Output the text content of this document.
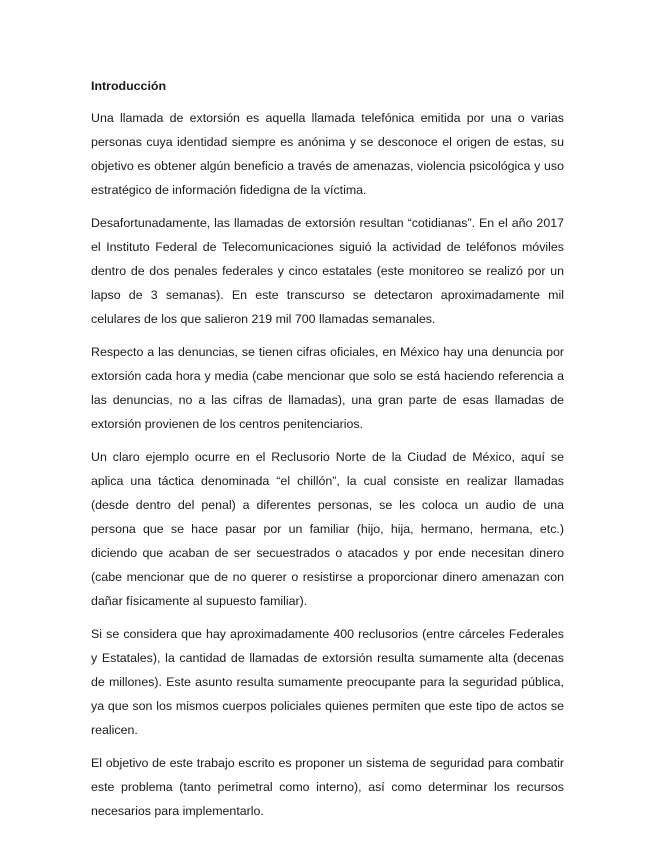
Introducción

Una llamada de extorsión es aquella llamada telefónica emitida por una o varias personas cuya identidad siempre es anónima y se desconoce el origen de estas, su objetivo es obtener algún beneficio a través de amenazas, violencia psicológica y uso estratégico de información fidedigna de la víctima.

Desafortunadamente, las llamadas de extorsión resultan “cotidianas”. En el año 2017 el Instituto Federal de Telecomunicaciones siguió la actividad de teléfonos móviles dentro de dos penales federales y cinco estatales (este monitoreo se realizó por un lapso de 3 semanas). En este transcurso se detectaron aproximadamente mil celulares de los que salieron 219 mil 700 llamadas semanales.

Respecto a las denuncias, se tienen cifras oficiales, en México hay una denuncia por extorsión cada hora y media (cabe mencionar que solo se está haciendo referencia a las denuncias, no a las cifras de llamadas), una gran parte de esas llamadas de extorsión provienen de los centros penitenciarios.

Un claro ejemplo ocurre en el Reclusorio Norte de la Ciudad de México, aquí se aplica una táctica denominada “el chillón”, la cual consiste en realizar llamadas (desde dentro del penal) a diferentes personas, se les coloca un audio de una persona que se hace pasar por un familiar (hijo, hija, hermano, hermana, etc.) diciendo que acaban de ser secuestrados o atacados y por ende necesitan dinero (cabe mencionar que de no querer o resistirse a proporcionar dinero amenazan con dañar físicamente al supuesto familiar).

Si se considera que hay aproximadamente 400 reclusorios (entre cárceles Federales y Estatales), la cantidad de llamadas de extorsión resulta sumamente alta (decenas de millones). Este asunto resulta sumamente preocupante para la seguridad pública, ya que son los mismos cuerpos policiales quienes permiten que este tipo de actos se realicen.

El objetivo de este trabajo escrito es proponer un sistema de seguridad para combatir este problema (tanto perimetral como interno), así como determinar los recursos necesarios para implementarlo.
